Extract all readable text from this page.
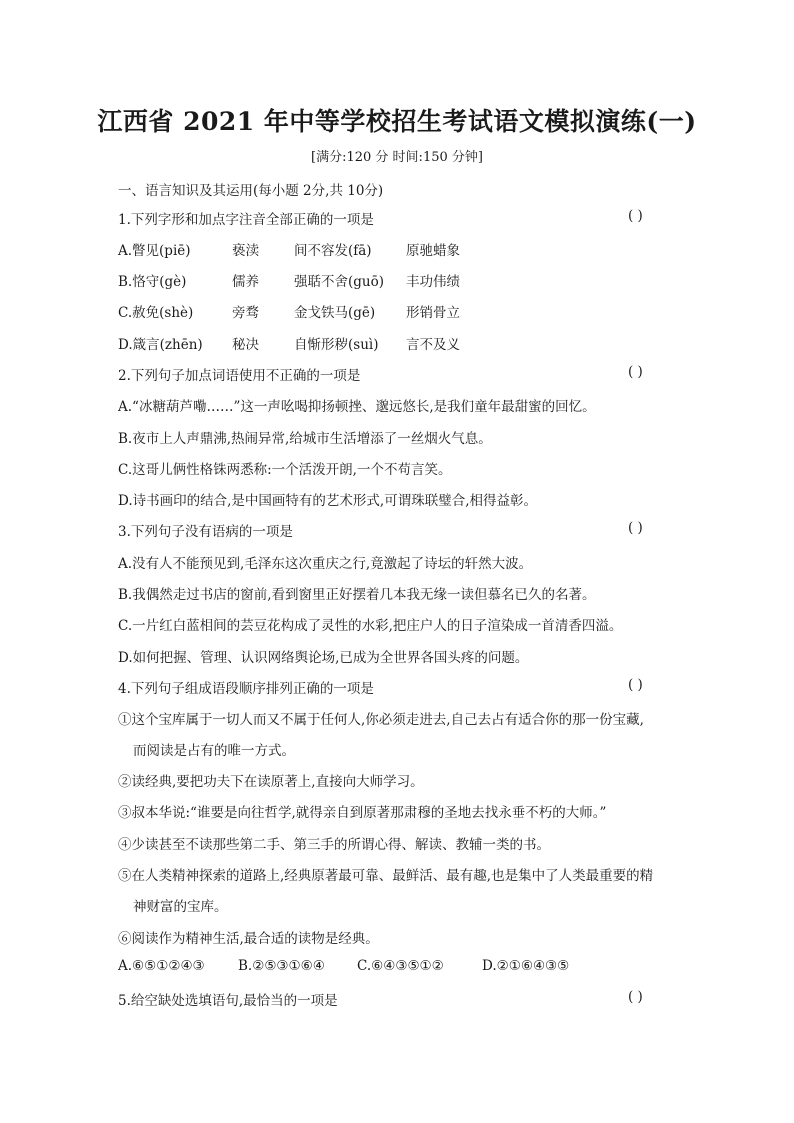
江西省 2021 年中等学校招生考试语文模拟演练(一)
[满分:120 分 时间:150 分钟]
一、语言知识及其运用(每小题 2分,共 10分)
1.下列字形和加点字注音全部正确的一项是	( )
A.瞥见(piē)	亵渎	间不容发(fā)	原驰蜡象
B.恪守(gè)	儒养	强聒不舍(guō) 丰功伟绩
C.赦免(shè)	旁骛	金戈铁马(gē) 形销骨立
D.箴言(zhēn) 秘决	自惭形秽(suì) 言不及义
2.下列句子加点词语使用不正确的一项是	( )
A.“冰糖葫芦嘞……”这一声吆喝抑扬顿挫、邈远悠长,是我们童年最甜蜜的回忆。
B.夜市上人声鼎沸,热闹异常,给城市生活增添了一丝烟火气息。
C.这哥儿俩性格铢两悉称:一个活泼开朗,一个不苟言笑。
D.诗书画印的结合,是中国画特有的艺术形式,可谓珠联璧合,相得益彰。
3.下列句子没有语病的一项是	( )
A.没有人不能预见到,毛泽东这次重庆之行,竟激起了诗坛的轩然大波。
B.我偶然走过书店的窗前,看到窗里正好摆着几本我无缘一读但慕名已久的名著。
C.一片红白蓝相间的芸豆花构成了灵性的水彩,把庄户人的日子渲染成一首清香四溢。
D.如何把握、管理、认识网络舆论场,已成为全世界各国头疼的问题。
4.下列句子组成语段顺序排列正确的一项是	( )
①这个宝库属于一切人而又不属于任何人,你必须走进去,自己去占有适合你的那一份宝藏,
而阅读是占有的唯一方式。
②读经典,要把功夫下在读原著上,直接向大师学习。
③叔本华说:“谁要是向往哲学,就得亲自到原著那肃穆的圣地去找永垂不朽的大师。”
④少读甚至不读那些第二手、第三手的所谓心得、解读、教辅一类的书。
⑤在人类精神探索的道路上,经典原著最可靠、最鲜活、最有趣,也是集中了人类最重要的精
神财富的宝库。
⑥阅读作为精神生活,最合适的读物是经典。
A.⑥⑤①②④③ B.②⑤③①⑥④ C.⑥④③⑤①②	D.②①⑥④③⑤
5.给空缺处选填语句,最恰当的一项是	( )
